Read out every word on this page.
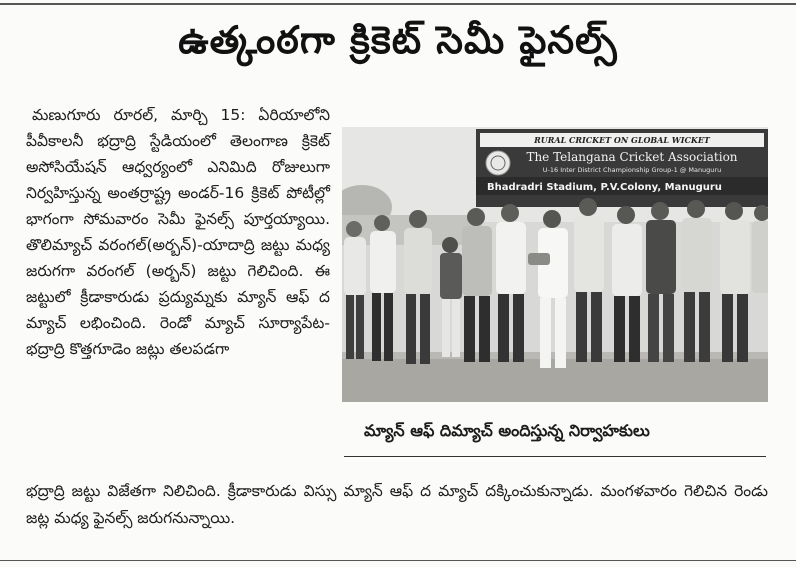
ఉత్కంఠగా క్రికెట్ సెమీ ఫైనల్స్

మణుగూరు రూరల్, మార్చి 15: ఏరియాలోని పీవీకాలనీ భద్రాద్రి స్టేడియంలో తెలంగాణ క్రికెట్ అసోసియేషన్ ఆధ్వర్యంలో ఎనిమిది రోజులుగా నిర్వహిస్తున్న అంతర్రాష్ట్ర అండర్-16 క్రికెట్ పోటీల్లో భాగంగా సోమవారం సెమీ ఫైనల్స్ పూర్తయ్యాయి. తొలిమ్యాచ్ వరంగల్(అర్బన్)-యాదాద్రి జట్టు మధ్య జరుగగా వరంగల్ (అర్బన్) జట్టు గెలిచింది. ఈ జట్టులో క్రీడాకారుడు ప్రద్యుమ్నకు మ్యాన్ ఆఫ్ ద మ్యాచ్ లభించింది. రెండో మ్యాచ్ సూర్యాపేట- భద్రాద్రి కొత్తగూడెం జట్లు తలపడగా

RURAL CRICKET ON GLOBAL WICKET
The Telangana Cricket Association
U-16 Inter District Championship Group-1 @ Manuguru
Bhadradri Stadium, P.V.Colony, Manuguru
మ్యాన్ ఆఫ్ దిమ్యాచ్ అందిస్తున్న నిర్వాహకులు

భద్రాద్రి జట్టు విజేతగా నిలిచింది. క్రీడాకారుడు విస్సు మ్యాన్ ఆఫ్ ద మ్యాచ్ దక్కించుకున్నాడు. మంగళవారం గెలిచిన రెండు జట్ల మధ్య ఫైనల్స్ జరుగనున్నాయి.
